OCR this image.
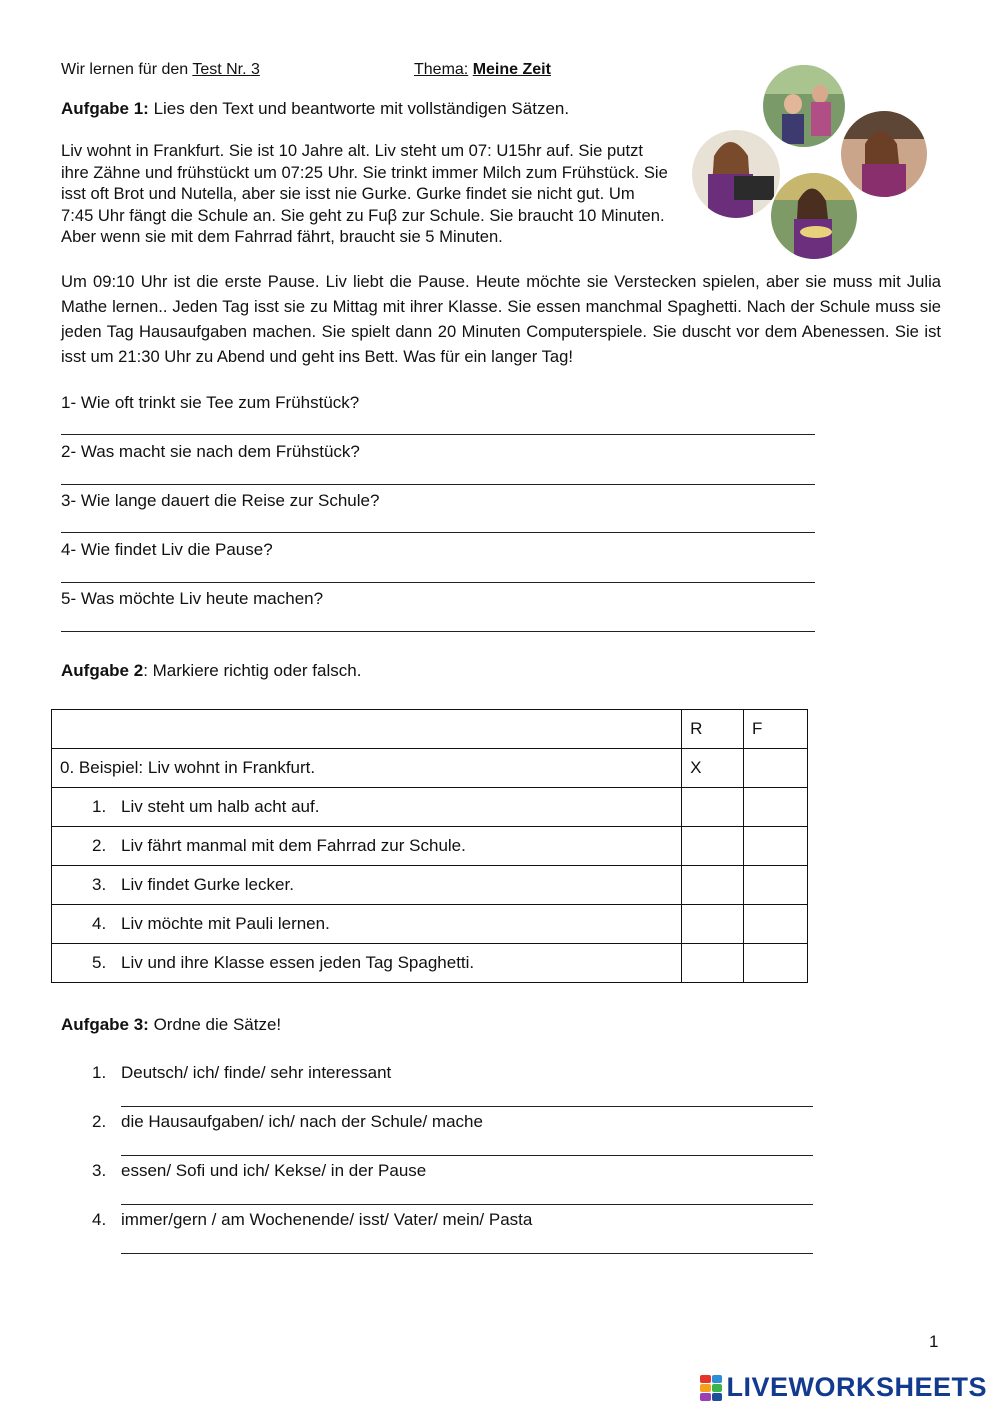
Wir lernen für den Test Nr. 3	Thema: Meine Zeit
Aufgabe 1: Lies den Text und beantworte mit vollständigen Sätzen.
Liv wohnt in Frankfurt. Sie ist 10 Jahre alt. Liv steht um 07: U15hr auf. Sie putzt ihre Zähne und frühstückt um 07:25 Uhr. Sie trinkt immer Milch zum Frühstück. Sie isst oft Brot und Nutella, aber sie isst nie Gurke. Gurke findet sie nicht gut. Um 7:45 Uhr fängt die Schule an. Sie geht zu Fuβ zur Schule. Sie braucht 10 Minuten. Aber wenn sie mit dem Fahrrad fährt, braucht sie 5 Minuten.
Um 09:10 Uhr ist die erste Pause. Liv liebt die Pause. Heute möchte sie Verstecken spielen, aber sie muss mit Julia Mathe lernen.. Jeden Tag isst sie zu Mittag mit ihrer Klasse. Sie essen manchmal Spaghetti. Nach der Schule muss sie jeden Tag Hausaufgaben machen. Sie spielt dann 20 Minuten Computerspiele. Sie duscht vor dem Abenessen. Sie ist isst um 21:30 Uhr zu Abend und geht ins Bett. Was für ein langer Tag!
1- Wie oft trinkt sie Tee zum Frühstück?
2- Was macht sie nach dem Frühstück?
3- Wie lange dauert die Reise zur Schule?
4- Wie findet Liv die Pause?
5- Was möchte Liv heute machen?
Aufgabe 2: Markiere richtig oder falsch.
	R	F
0. Beispiel: Liv wohnt in Frankfurt.	X	
1. Liv steht um halb acht auf.		
2. Liv fährt manmal mit dem Fahrrad zur Schule.		
3. Liv findet Gurke lecker.		
4. Liv möchte mit Pauli lernen.		
5. Liv und ihre Klasse essen jeden Tag Spaghetti.		
Aufgabe 3: Ordne die Sätze!
1. Deutsch/ ich/ finde/ sehr interessant
2. die Hausaufgaben/ ich/ nach der Schule/ mache
3. essen/ Sofi und ich/ Kekse/ in der Pause
4. immer/gern / am Wochenende/ isst/ Vater/ mein/ Pasta
1
LIVEWORKSHEETS
